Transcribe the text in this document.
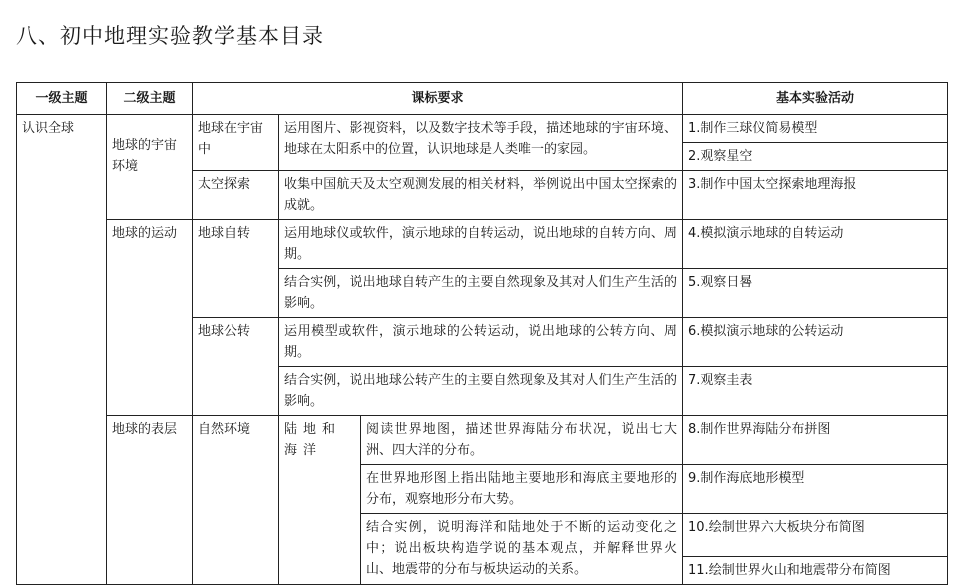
八、初中地理实验教学基本目录
一级主题	二级主题	课标要求			基本实验活动
认识全球	地球的宇宙环境	地球在宇宙中	运用图片、影视资料，以及数字技术等手段，描述地球的宇宙环境、地球在太阳系中的位置，认识地球是人类唯一的家园。		1.制作三球仪简易模型
					2.观察星空
		太空探索	收集中国航天及太空观测发展的相关材料，举例说出中国太空探索的成就。		3.制作中国太空探索地理海报
	地球的运动	地球自转	运用地球仪或软件，演示地球的自转运动，说出地球的自转方向、周期。		4.模拟演示地球的自转运动
			结合实例，说出地球自转产生的主要自然现象及其对人们生产生活的影响。		5.观察日晷
		地球公转	运用模型或软件，演示地球的公转运动，说出地球的公转方向、周期。		6.模拟演示地球的公转运动
			结合实例，说出地球公转产生的主要自然现象及其对人们生产生活的影响。		7.观察圭表
	地球的表层	自然环境	陆地和海洋	阅读世界地图，描述世界海陆分布状况，说出七大洲、四大洋的分布。	8.制作世界海陆分布拼图
				在世界地形图上指出陆地主要地形和海底主要地形的分布，观察地形分布大势。	9.制作海底地形模型
				结合实例，说明海洋和陆地处于不断的运动变化之中；说出板块构造学说的基本观点，并解释世界火山、地震带的分布与板块运动的关系。	10.绘制世界六大板块分布简图
					11.绘制世界火山和地震带分布简图
